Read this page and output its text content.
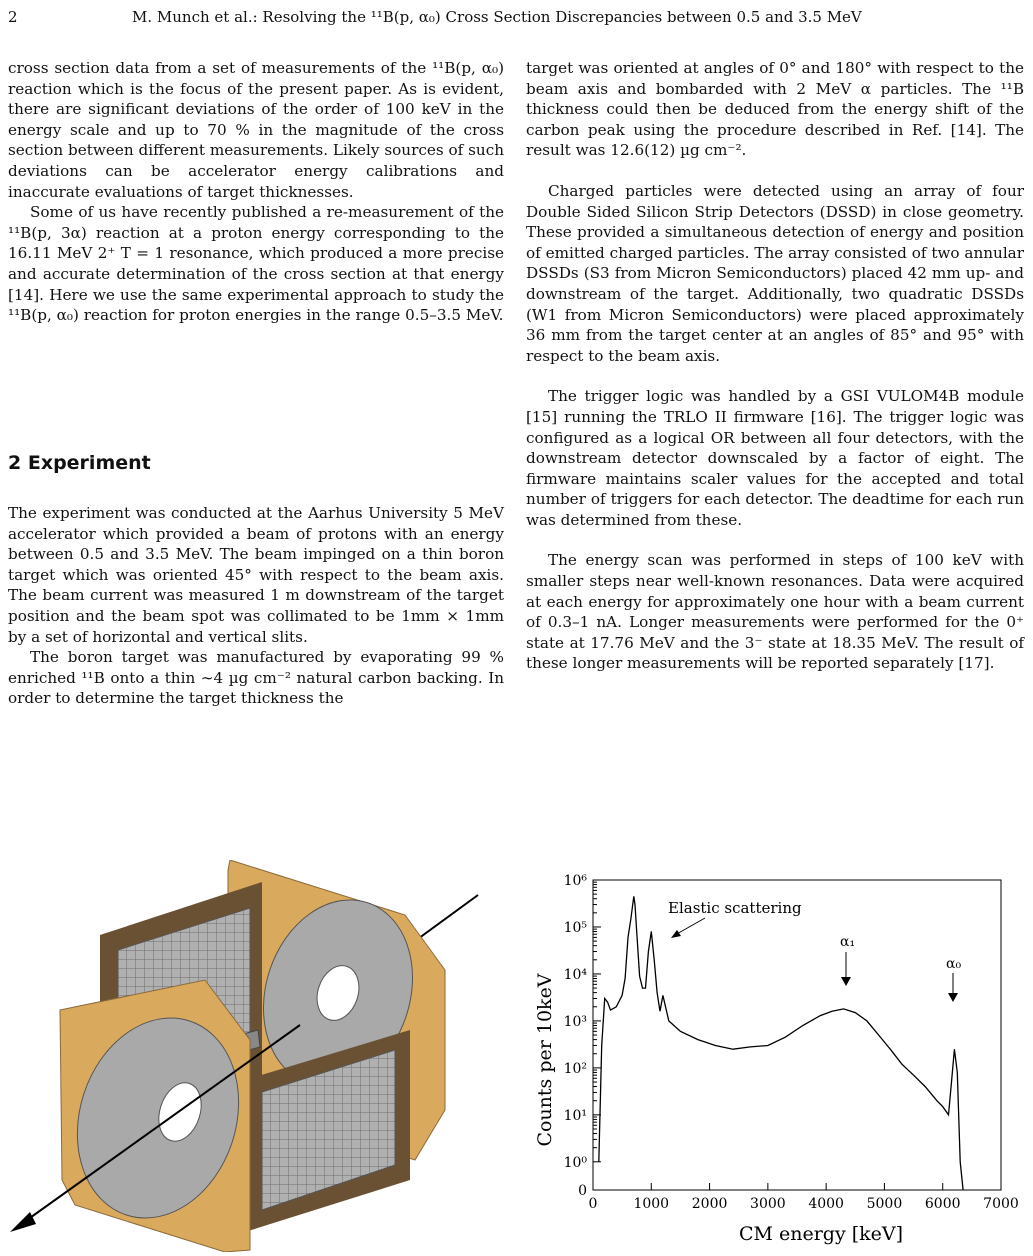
2	M. Munch et al.: Resolving the ¹¹B(p, α₀) Cross Section Discrepancies between 0.5 and 3.5 MeV

cross section data from a set of measurements of the ¹¹B(p, α₀) reaction which is the focus of the present paper. As is evident, there are significant deviations of the order of 100 keV in the energy scale and up to 70 % in the magnitude of the cross section between different measurements. Likely sources of such deviations can be accelerator energy calibrations and inaccurate evaluations of target thicknesses.

Some of us have recently published a re-measurement of the ¹¹B(p, 3α) reaction at a proton energy corresponding to the 16.11 MeV 2⁺ T = 1 resonance, which produced a more precise and accurate determination of the cross section at that energy [14]. Here we use the same experimental approach to study the ¹¹B(p, α₀) reaction for proton energies in the range 0.5–3.5 MeV.

2 Experiment

The experiment was conducted at the Aarhus University 5 MeV accelerator which provided a beam of protons with an energy between 0.5 and 3.5 MeV. The beam impinged on a thin boron target which was oriented 45° with respect to the beam axis. The beam current was measured 1 m downstream of the target position and the beam spot was collimated to be 1mm × 1mm by a set of horizontal and vertical slits.

The boron target was manufactured by evaporating 99 % enriched ¹¹B onto a thin ∼4 µg cm⁻² natural carbon backing. In order to determine the target thickness the

target was oriented at angles of 0° and 180° with respect to the beam axis and bombarded with 2 MeV α particles. The ¹¹B thickness could then be deduced from the energy shift of the carbon peak using the procedure described in Ref. [14]. The result was 12.6(12) µg cm⁻².

Charged particles were detected using an array of four Double Sided Silicon Strip Detectors (DSSD) in close geometry. These provided a simultaneous detection of energy and position of emitted charged particles. The array consisted of two annular DSSDs (S3 from Micron Semiconductors) placed 42 mm up- and downstream of the target. Additionally, two quadratic DSSDs (W1 from Micron Semiconductors) were placed approximately 36 mm from the target center at an angles of 85° and 95° with respect to the beam axis.

The trigger logic was handled by a GSI VULOM4B module [15] running the TRLO II firmware [16]. The trigger logic was configured as a logical OR between all four detectors, with the downstream detector downscaled by a factor of eight. The firmware maintains scaler values for the accepted and total number of triggers for each detector. The deadtime for each run was determined from these.

The energy scan was performed in steps of 100 keV with smaller steps near well-known resonances. Data were acquired at each energy for approximately one hour with a beam current of 0.3–1 nA. Longer measurements were performed for the 0⁺ state at 17.76 MeV and the 3⁻ state at 18.35 MeV. The result of these longer measurements will be reported separately [17].

0	1000 2000 3000 4000 5000 6000 7000
0
10⁰
10¹
10²
10³
10⁴
10⁵
10⁶
Counts per 10keV
CM energy [keV]
Elastic scattering
α₁
α₀
